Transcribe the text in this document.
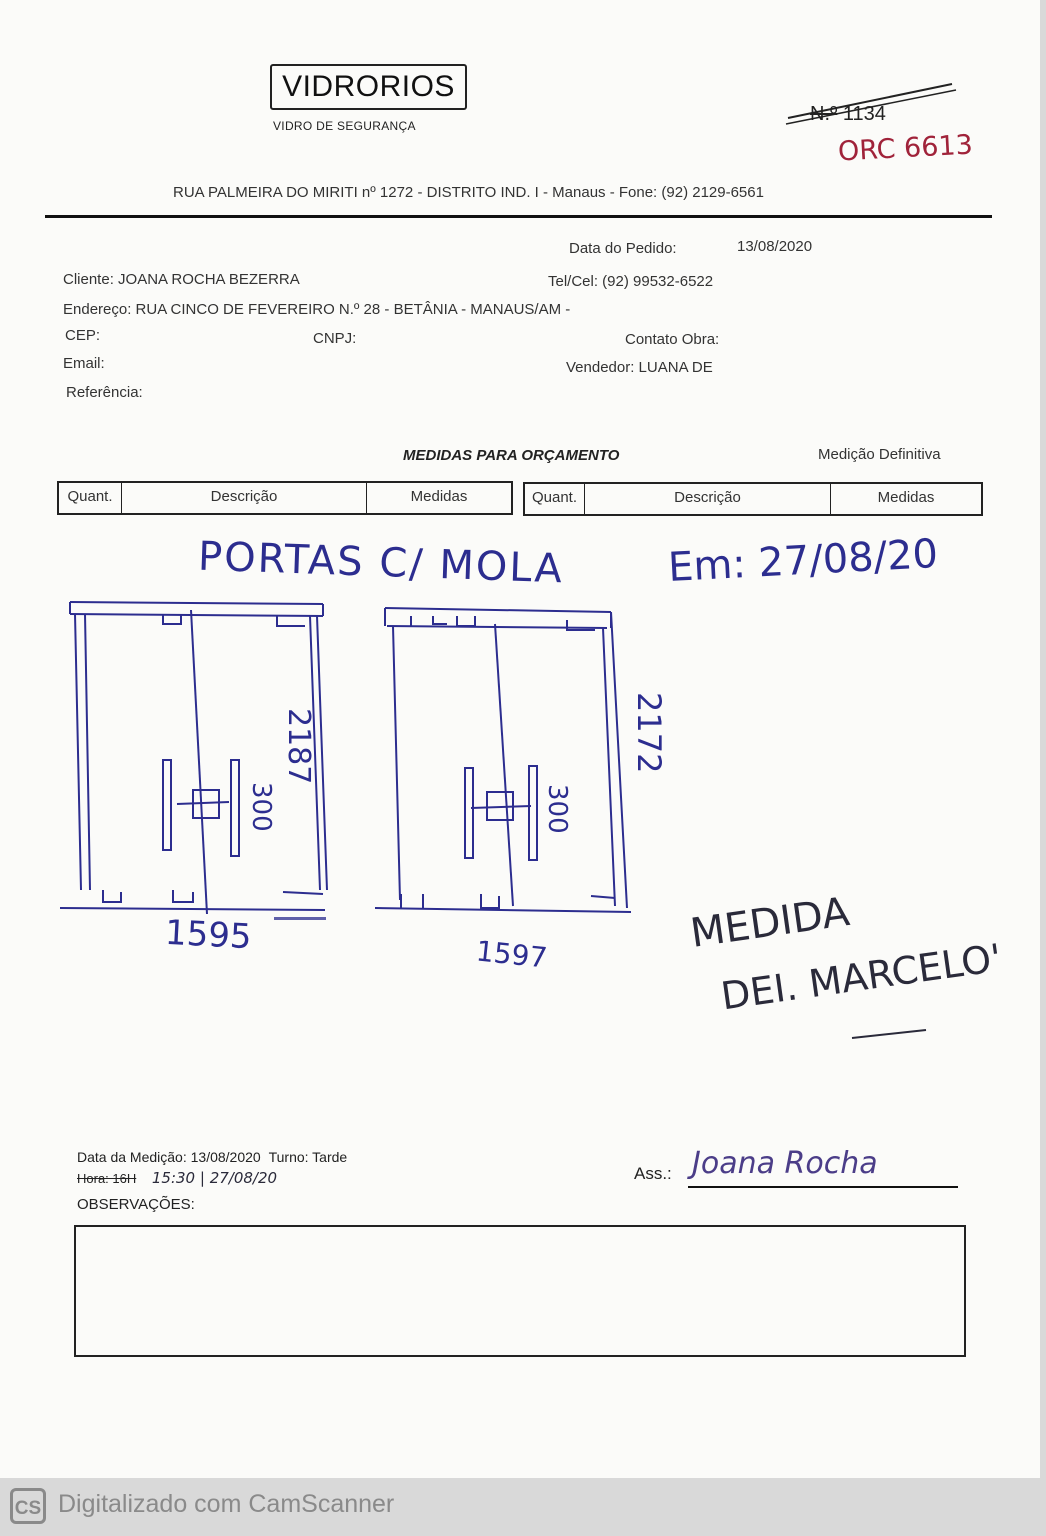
VIDRORIOS
VIDRO DE SEGURANÇA
N.º 1134
ORC 6613
RUA PALMEIRA DO MIRITI nº 1272 - DISTRITO IND. I - Manaus - Fone: (92) 2129-6561
Data do Pedido:	13/08/2020
Cliente: JOANA ROCHA BEZERRA	Tel/Cel: (92) 99532-6522
Endereço: RUA CINCO DE FEVEREIRO N.º 28 - BETÂNIA - MANAUS/AM -
CEP:	CNPJ:	Contato Obra:
Email:	Vendedor: LUANA DE
Referência:
MEDIDAS PARA ORÇAMENTO	Medição Definitiva
Quant.	Descrição	Medidas	Quant.	Descrição	Medidas
PORTAS C/ MOLA	Em: 27/08/20
1595
2187
300
1597
2172
300
MEDIDA
DEI. MARCELO'
Data da Medição: 13/08/2020 Turno: Tarde
Hora: 16H 15:30 | 27/08/20	Ass.: Joana Rocha
OBSERVAÇÕES:
CS Digitalizado com CamScanner
